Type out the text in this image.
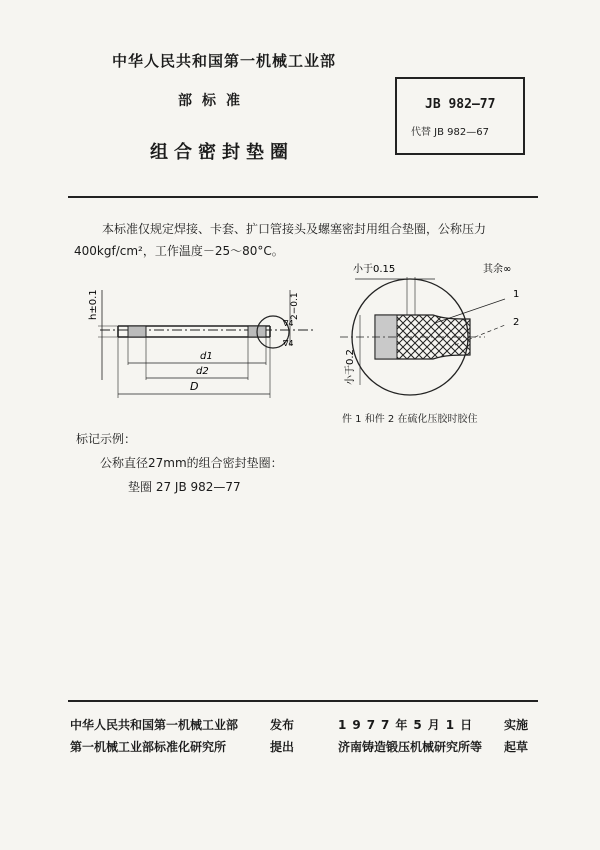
中华人民共和国第一机械工业部
部标准
组合密封垫圈
JB 982—77
代替 JB 982—67
本标准仅规定焊接、卡套、扩口管接头及螺塞密封用组合垫圈，公称压力
400kgf/cm²，工作温度－25～80°C。
h±0.1
d1
d2
D
2−0.1
∇4
∇4
小于0.15	其余∞
小于0.2
1
2
件 1 和件 2 在硫化压胶时胶住
标记示例：
公称直径27mm的组合密封垫圈：
垫圈 27 JB 982—77
中华人民共和国第一机械工业部	发布	1977年5月1日 实施
第一机械工业部标准化研究所	提出	济南铸造锻压机械研究所等 起草
